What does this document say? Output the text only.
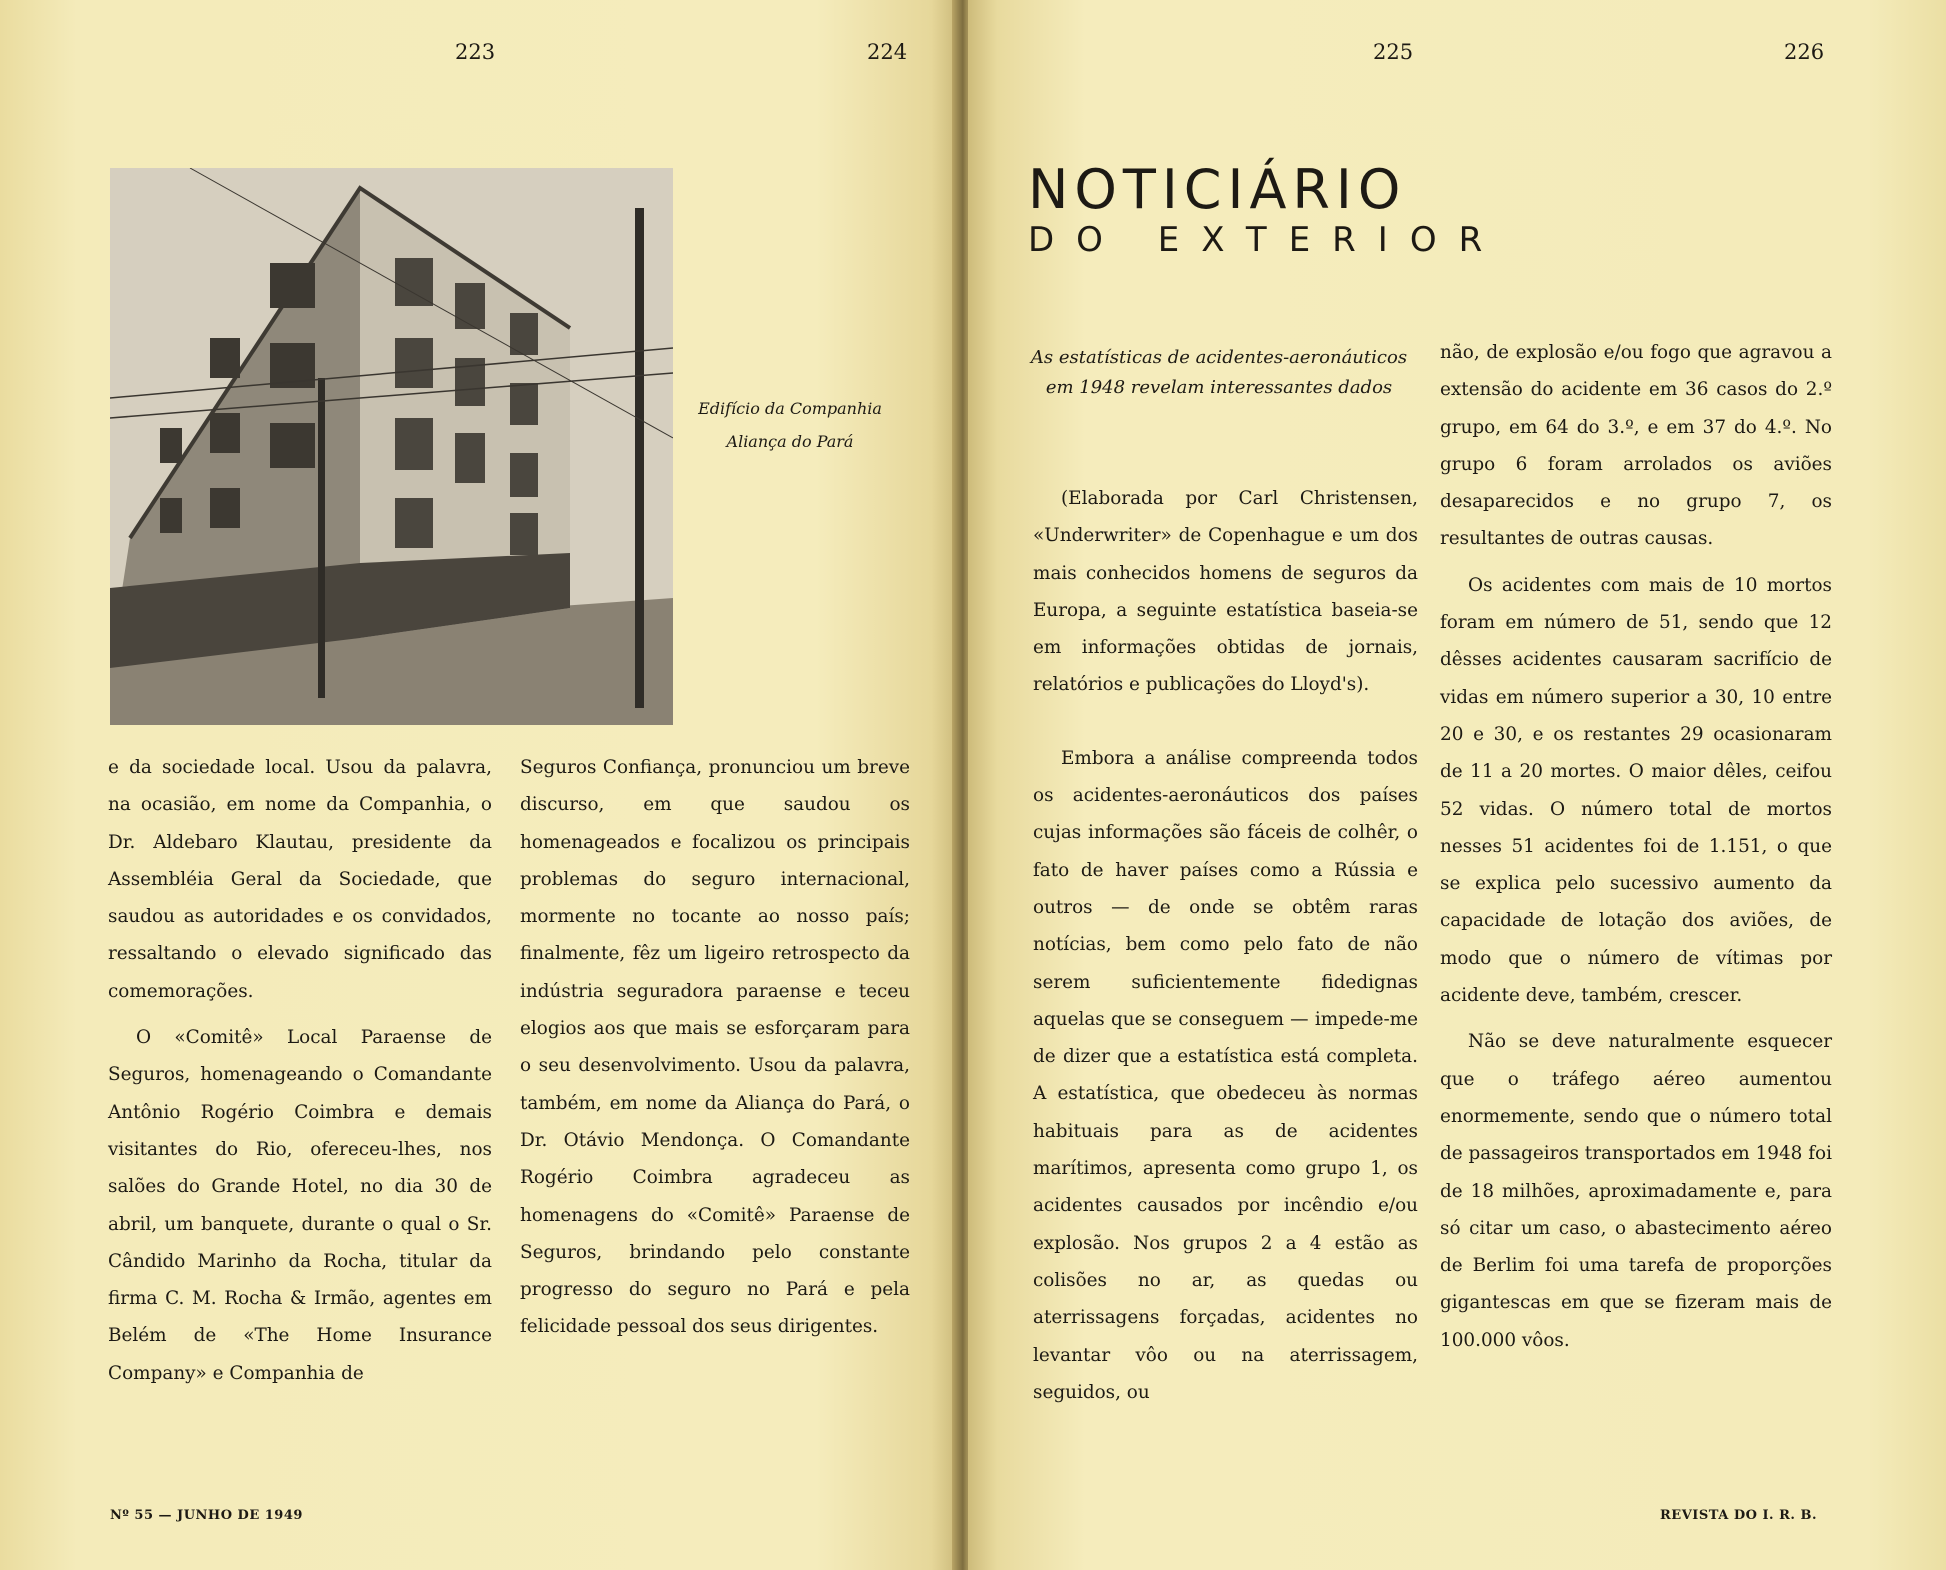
223	224
Edifício da Companhia Aliança do Pará

e da sociedade local. Usou da palavra, na ocasião, em nome da Companhia, o Dr. Aldebaro Klautau, presidente da Assembléia Geral da Sociedade, que saudou as autoridades e os convidados, ressaltando o elevado significado das comemorações.

O «Comitê» Local Paraense de Seguros, homenageando o Comandante Antônio Rogério Coimbra e demais visitantes do Rio, ofereceu-lhes, nos salões do Grande Hotel, no dia 30 de abril, um banquete, durante o qual o Sr. Cândido Marinho da Rocha, titular da firma C. M. Rocha & Irmão, agentes em Belém de «The Home Insurance Company» e Companhia de

Seguros Confiança, pronunciou um breve discurso, em que saudou os homenageados e focalizou os principais problemas do seguro internacional, mormente no tocante ao nosso país; finalmente, fêz um ligeiro retrospecto da indústria seguradora paraense e teceu elogios aos que mais se esforçaram para o seu desenvolvimento. Usou da palavra, também, em nome da Aliança do Pará, o Dr. Otávio Mendonça. O Comandante Rogério Coimbra agradeceu as homenagens do «Comitê» Paraense de Seguros, brindando pelo constante progresso do seguro no Pará e pela felicidade pessoal dos seus dirigentes.

Nº 55 — JUNHO DE 1949
225	226
NOTICIÁRIO
DO EXTERIOR
As estatísticas de acidentes-aeronáuticos em 1948 revelam interessantes dados

(Elaborada por Carl Christensen, «Underwriter» de Copenhague e um dos mais conhecidos homens de seguros da Europa, a seguinte estatística baseia-se em informações obtidas de jornais, relatórios e publicações do Lloyd's).

Embora a análise compreenda todos os acidentes-aeronáuticos dos países cujas informações são fáceis de colhêr, o fato de haver países como a Rússia e outros — de onde se obtêm raras notícias, bem como pelo fato de não serem suficientemente fidedignas aquelas que se conseguem — impede-me de dizer que a estatística está completa. A estatística, que obedeceu às normas habituais para as de acidentes marítimos, apresenta como grupo 1, os acidentes causados por incêndio e/ou explosão. Nos grupos 2 a 4 estão as colisões no ar, as quedas ou aterrissagens forçadas, acidentes no levantar vôo ou na aterrissagem, seguidos, ou

não, de explosão e/ou fogo que agravou a extensão do acidente em 36 casos do 2.º grupo, em 64 do 3.º, e em 37 do 4.º. No grupo 6 foram arrolados os aviões desaparecidos e no grupo 7, os resultantes de outras causas.

Os acidentes com mais de 10 mortos foram em número de 51, sendo que 12 dêsses acidentes causaram sacrifício de vidas em número superior a 30, 10 entre 20 e 30, e os restantes 29 ocasionaram de 11 a 20 mortes. O maior dêles, ceifou 52 vidas. O número total de mortos nesses 51 acidentes foi de 1.151, o que se explica pelo sucessivo aumento da capacidade de lotação dos aviões, de modo que o número de vítimas por acidente deve, também, crescer.

Não se deve naturalmente esquecer que o tráfego aéreo aumentou enormemente, sendo que o número total de passageiros transportados em 1948 foi de 18 milhões, aproximadamente e, para só citar um caso, o abastecimento aéreo de Berlim foi uma tarefa de proporções gigantescas em que se fizeram mais de 100.000 vôos.

REVISTA DO I. R. B.
